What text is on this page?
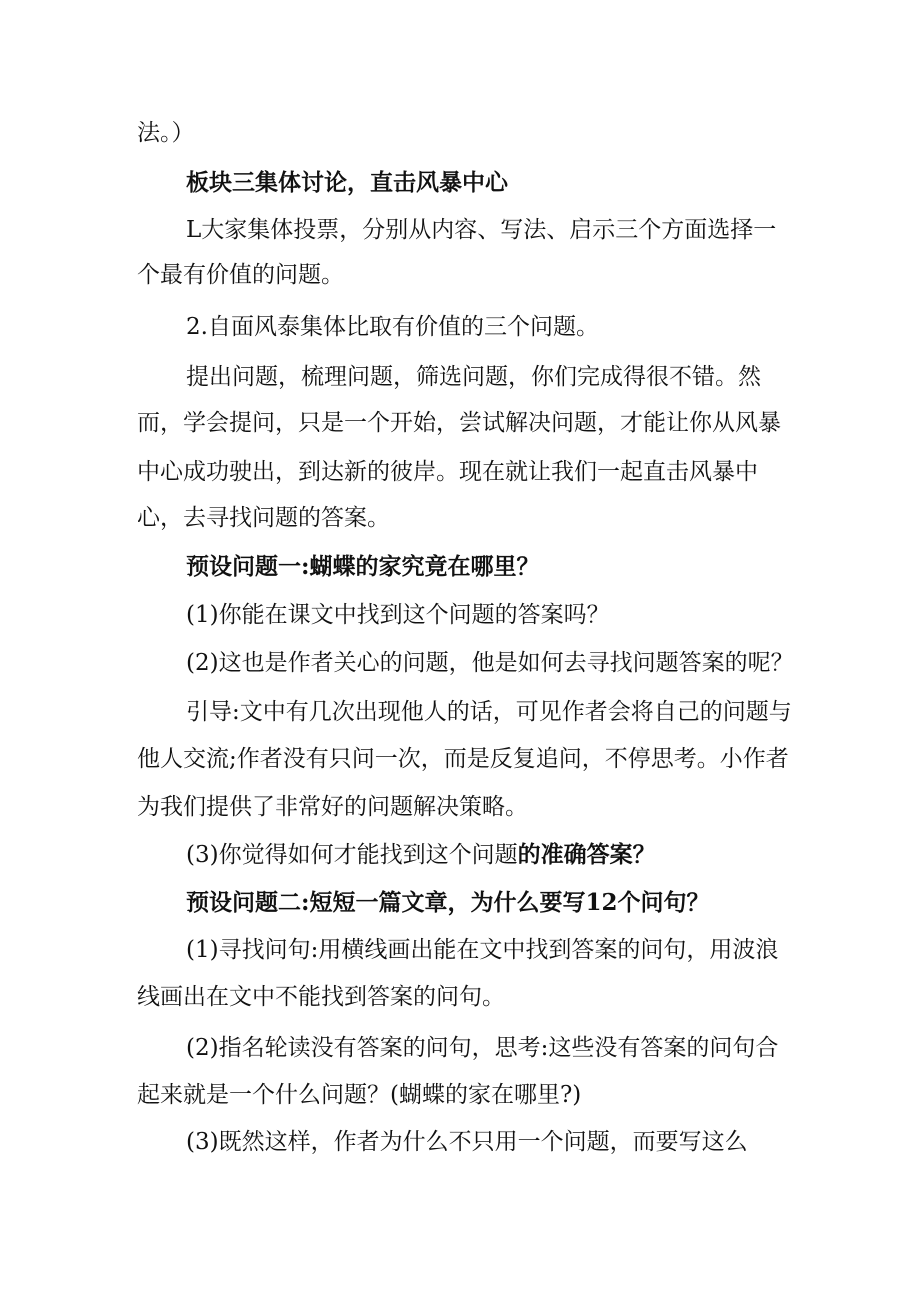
法。）
板块三集体讨论，直击风暴中心
L大家集体投票，分别从内容、写法、启示三个方面选择一
个最有价值的问题。
2.自面风泰集体比取有价值的三个问题。
提出问题，梳理问题，筛选问题，你们完成得很不错。然
而，学会提问，只是一个开始，尝试解决问题，才能让你从风暴
中心成功驶出，到达新的彼岸。现在就让我们一起直击风暴中
心，去寻找问题的答案。
预设问题一:蝴蝶的家究竟在哪里？
(1)你能在课文中找到这个问题的答案吗？
(2)这也是作者关心的问题，他是如何去寻找问题答案的呢？
引导:文中有几次出现他人的话，可见作者会将自己的问题与
他人交流;作者没有只问一次，而是反复追问，不停思考。小作者
为我们提供了非常好的问题解决策略。
(3)你觉得如何才能找到这个问题的准确答案？
预设问题二:短短一篇文章，为什么要写12个问句？
(1)寻找问句:用横线画出能在文中找到答案的问句，用波浪
线画出在文中不能找到答案的问句。
(2)指名轮读没有答案的问句，思考:这些没有答案的问句合
起来就是一个什么问题？(蝴蝶的家在哪里?)
(3)既然这样，作者为什么不只用一个问题，而要写这么
